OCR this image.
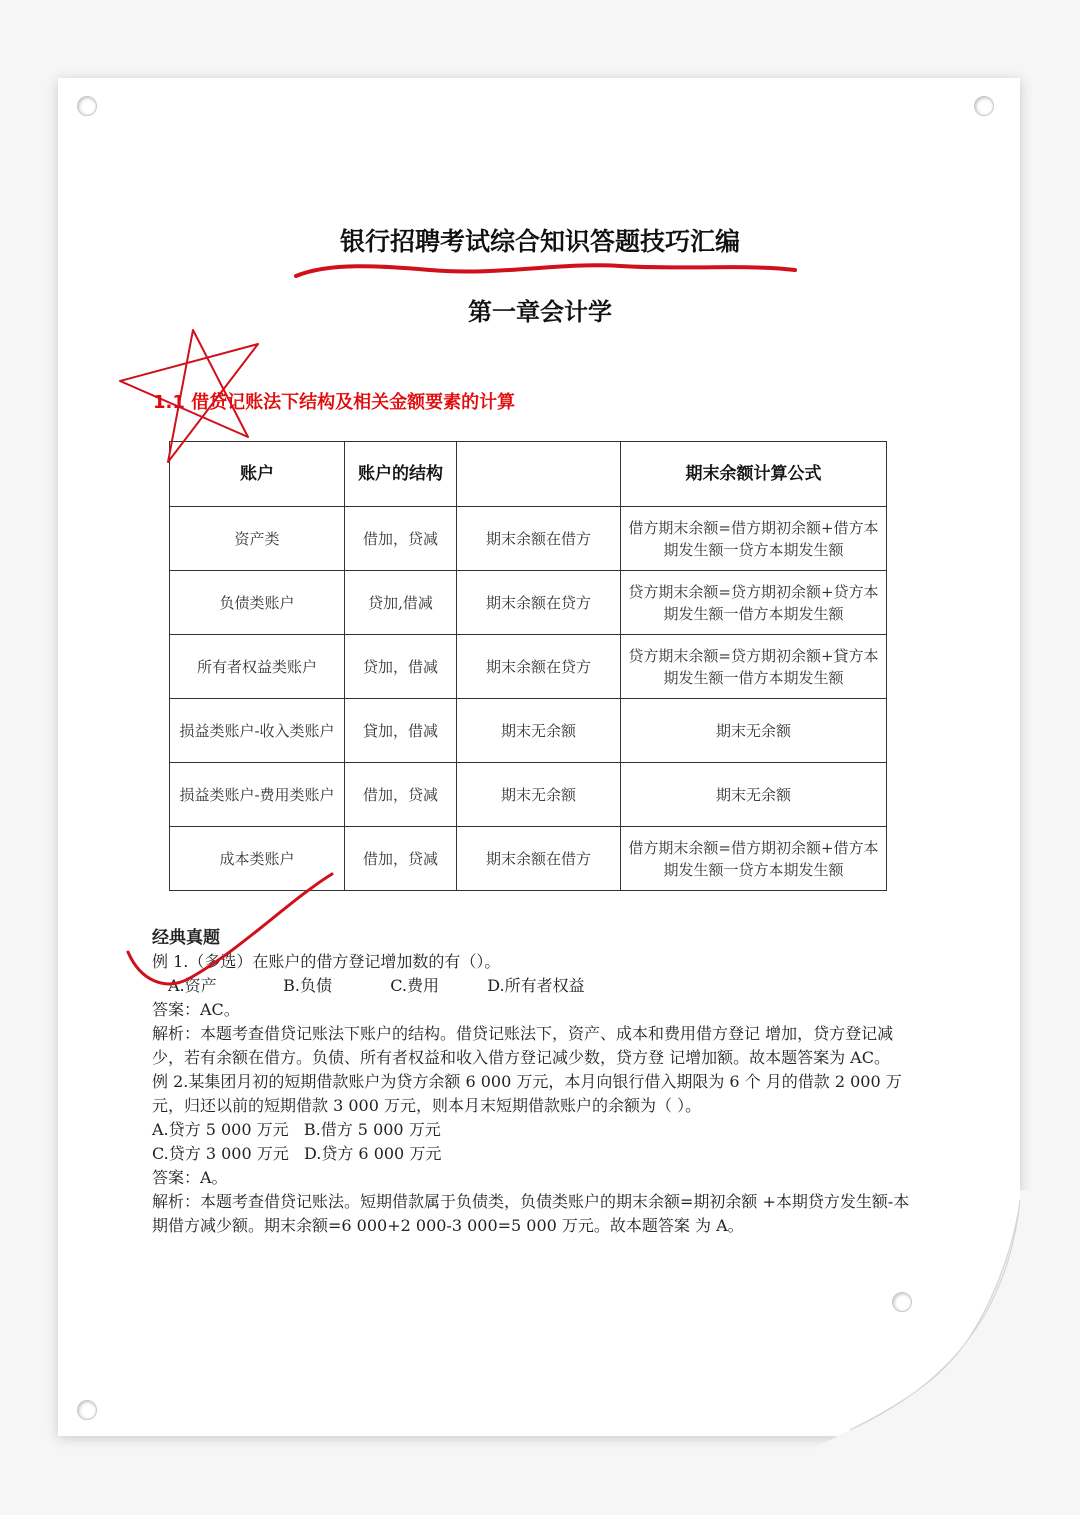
银行招聘考试综合知识答题技巧汇编
第一章会计学
1.1 借贷记账法下结构及相关金额要素的计算
账户	账户的结构		期末余额计算公式
资产类	借加，贷减	期末余额在借方	借方期末余额=借方期初余额+借方本期发生额一贷方本期发生额
负债类账户	贷加,借减	期末余额在贷方	贷方期末余额=贷方期初余额+贷方本期发生额一借方本期发生额
所有者权益类账户	贷加，借减	期末余额在贷方	贷方期末余额=贷方期初余额+貸方本期发生额一借方本期发生额
损益类账户-收入类账户	貸加，借减	期末无余额	期末无余额
损益类账户-费用类账户	借加，贷减	期末无余额	期末无余额
成本类账户	借加，贷减	期末余额在借方	借方期末余额=借方期初余额+借方本期发生额一贷方本期发生额

经典真题

例 1.（多选）在账户的借方登记增加数的有（）。

A.资产	B.负债	C.费用	D.所有者权益

答案：AC。

解析：本题考查借贷记账法下账户的结构。借贷记账法下，资产、成本和费用借方登记 增加，贷方登记减少，若有余额在借方。负债、所有者权益和收入借方登记减少数，贷方登 记增加额。故本题答案为 AC。

例 2.某集团月初的短期借款账户为贷方余额 6 000 万元，本月向银行借入期限为 6 个 月的借款 2 000 万元，归还以前的短期借款 3 000 万元，则本月末短期借款账户的余额为（ ）。

A.贷方 5 000 万元   B.借方 5 000 万元

C.贷方 3 000 万元   D.贷方 6 000 万元

答案：A。

解析：本题考查借贷记账法。短期借款属于负债类，负债类账户的期末余额=期初余额 +本期贷方发生额-本期借方减少额。期末余额=6 000+2 000-3 000=5 000 万元。故本题答案 为 A。
